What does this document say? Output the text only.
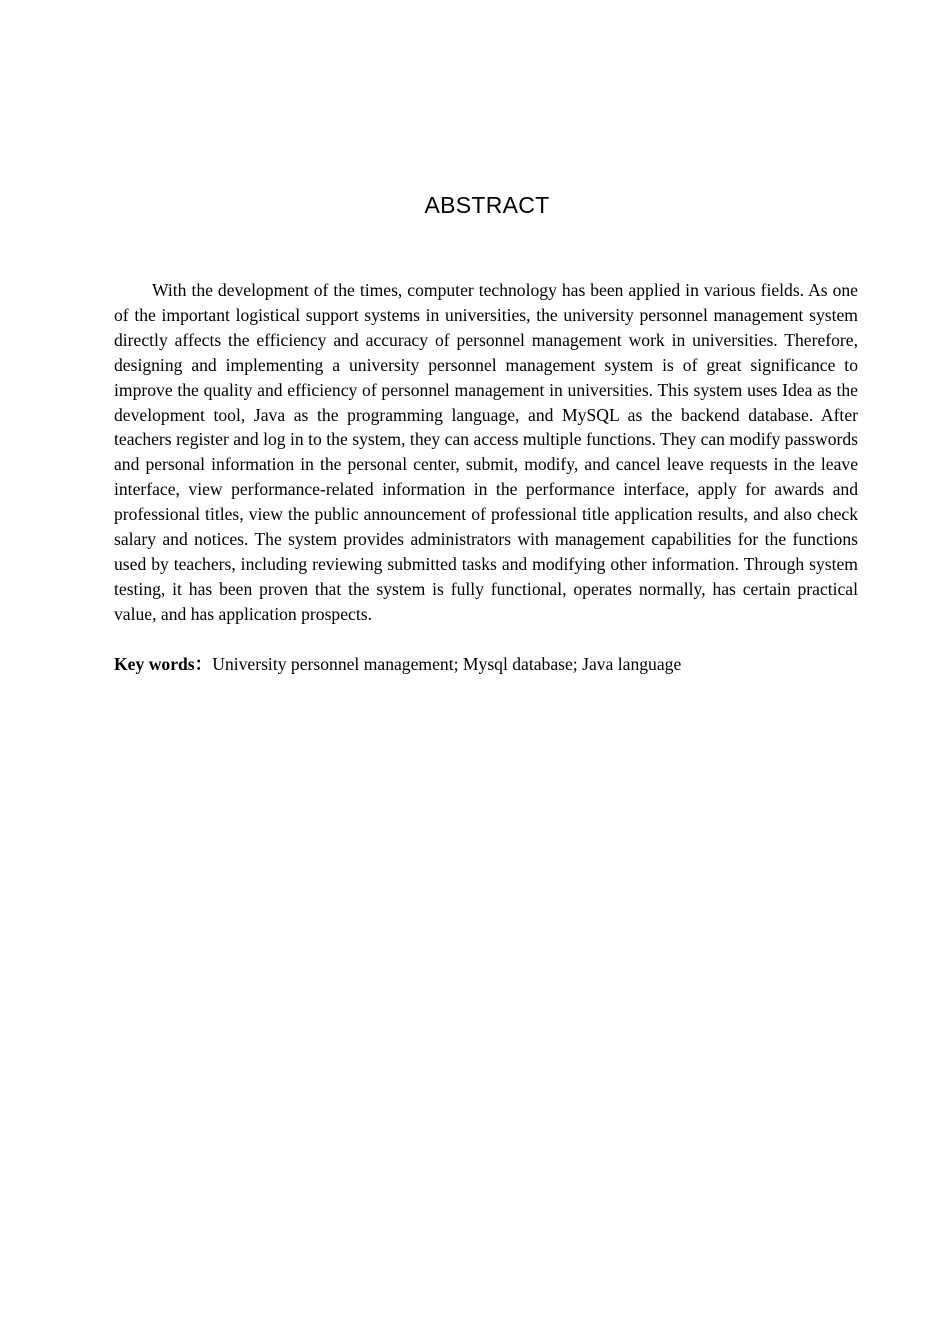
ABSTRACT

With the development of the times, computer technology has been applied in various fields. As one of the important logistical support systems in universities, the university personnel management system directly affects the efficiency and accuracy of personnel management work in universities. Therefore, designing and implementing a university personnel management system is of great significance to improve the quality and efficiency of personnel management in universities. This system uses Idea as the development tool, Java as the programming language, and MySQL as the backend database. After teachers register and log in to the system, they can access multiple functions. They can modify passwords and personal information in the personal center, submit, modify, and cancel leave requests in the leave interface, view performance-related information in the performance interface, apply for awards and professional titles, view the public announcement of professional title application results, and also check salary and notices. The system provides administrators with management capabilities for the functions used by teachers, including reviewing submitted tasks and modifying other information. Through system testing, it has been proven that the system is fully functional, operates normally, has certain practical value, and has application prospects.

Key words：University personnel management; Mysql database; Java language
